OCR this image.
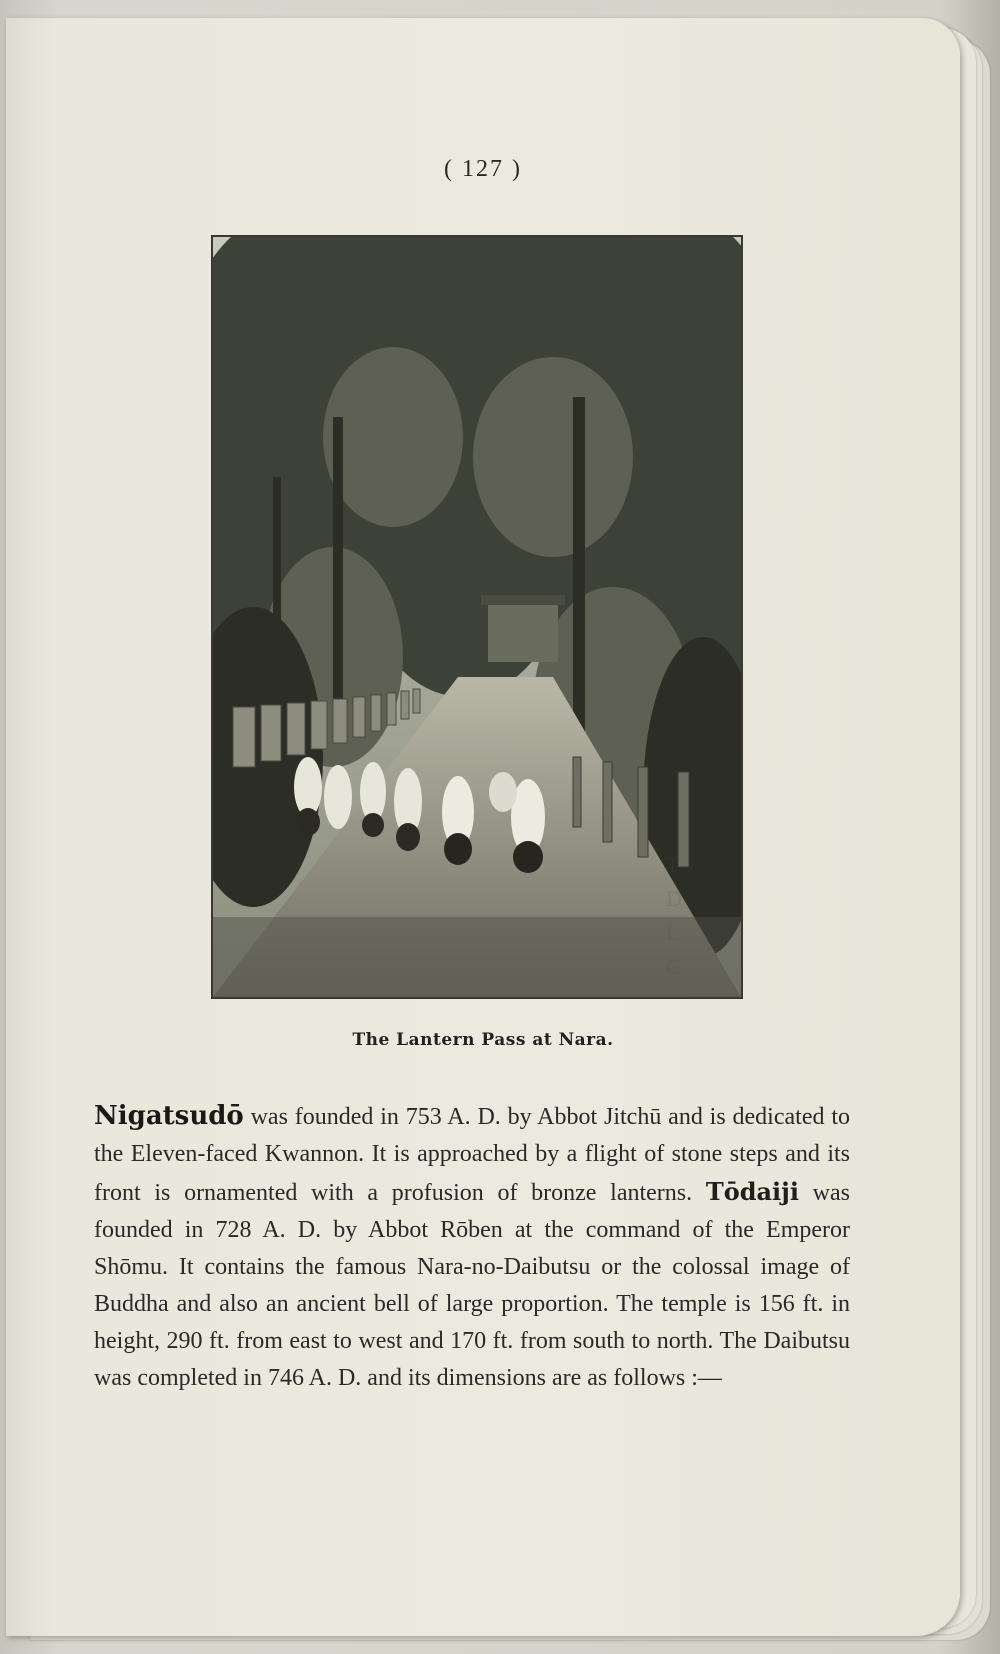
( 127 )
The Lantern Pass at Nara.
T
D
L
C
Nigatsudō was founded in 753 A. D. by Abbot Jitchū and is dedicated to the Eleven-faced Kwannon. It is approached by a flight of stone steps and its front is ornamented with a profusion of bronze lanterns. Tōdaiji was founded in 728 A. D. by Abbot Rōben at the command of the Emperor Shōmu. It contains the famous Nara-no-Daibutsu or the colossal image of Buddha and also an ancient bell of large proportion. The temple is 156 ft. in height, 290 ft. from east to west and 170 ft. from south to north. The Daibutsu was completed in 746 A. D. and its dimensions are as follows :—
